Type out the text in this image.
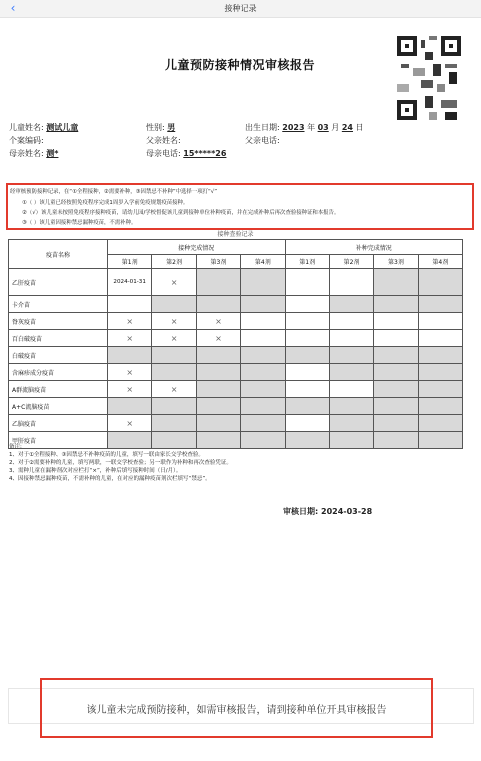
‹	接种记录
儿童预防接种情况审核报告
儿童姓名: 测试儿童	性别: 男	出生日期: 2023 年 03 月 24 日
个案编码:	父亲姓名:	父亲电话:
母亲姓名: 测*	母亲电话: 15*****26
经审核预防接种记录，在“①全程接种，②需要补种，③因禁忌不补种”中选择一项打“√”
①（ ）该儿童已经按照免疫程序完成1周岁入学前免疫规划疫苗接种。
②（√）该儿童未按照免疫程序接种疫苗，请幼儿园/学校督促该儿童到接种单位补种疫苗，并在完成补种后再次查验接种证和本报告。
③（ ）该儿童因接种禁忌漏种疫苗，不需补种。
接种查验记录
疫苗名称	接种完成情况				补种完成情况			
	第1剂	第2剂	第3剂	第4剂	第1剂	第2剂	第3剂	第4剂
乙肝疫苗	2024-01-31	×						
卡介苗								
脊灰疫苗	×	×	×					
百白破疫苗	×	×	×					
白破疫苗								
含麻疹成分疫苗	×							
A群流脑疫苗	×	×						
A+C流脑疫苗								
乙脑疫苗	×							
甲肝疫苗								
备注:
1、对于①全程接种、③因禁忌不补种疫苗的儿童，填写一联由家长交学校查验。
2、对于②需要补种的儿童，填写两联，一联交学校查验；另一联作为补种和再次查验凭证。
3、需种儿童在漏种剂次对应栏打“×”，补种后填写接种时间（日/月）。
4、因接种禁忌漏种疫苗，不需补种的儿童，在对应的漏种疫苗剂次栏填写“禁忌”。
审核日期: 2024-03-28
该儿童未完成预防接种，如需审核报告，请到接种单位开具审核报告
